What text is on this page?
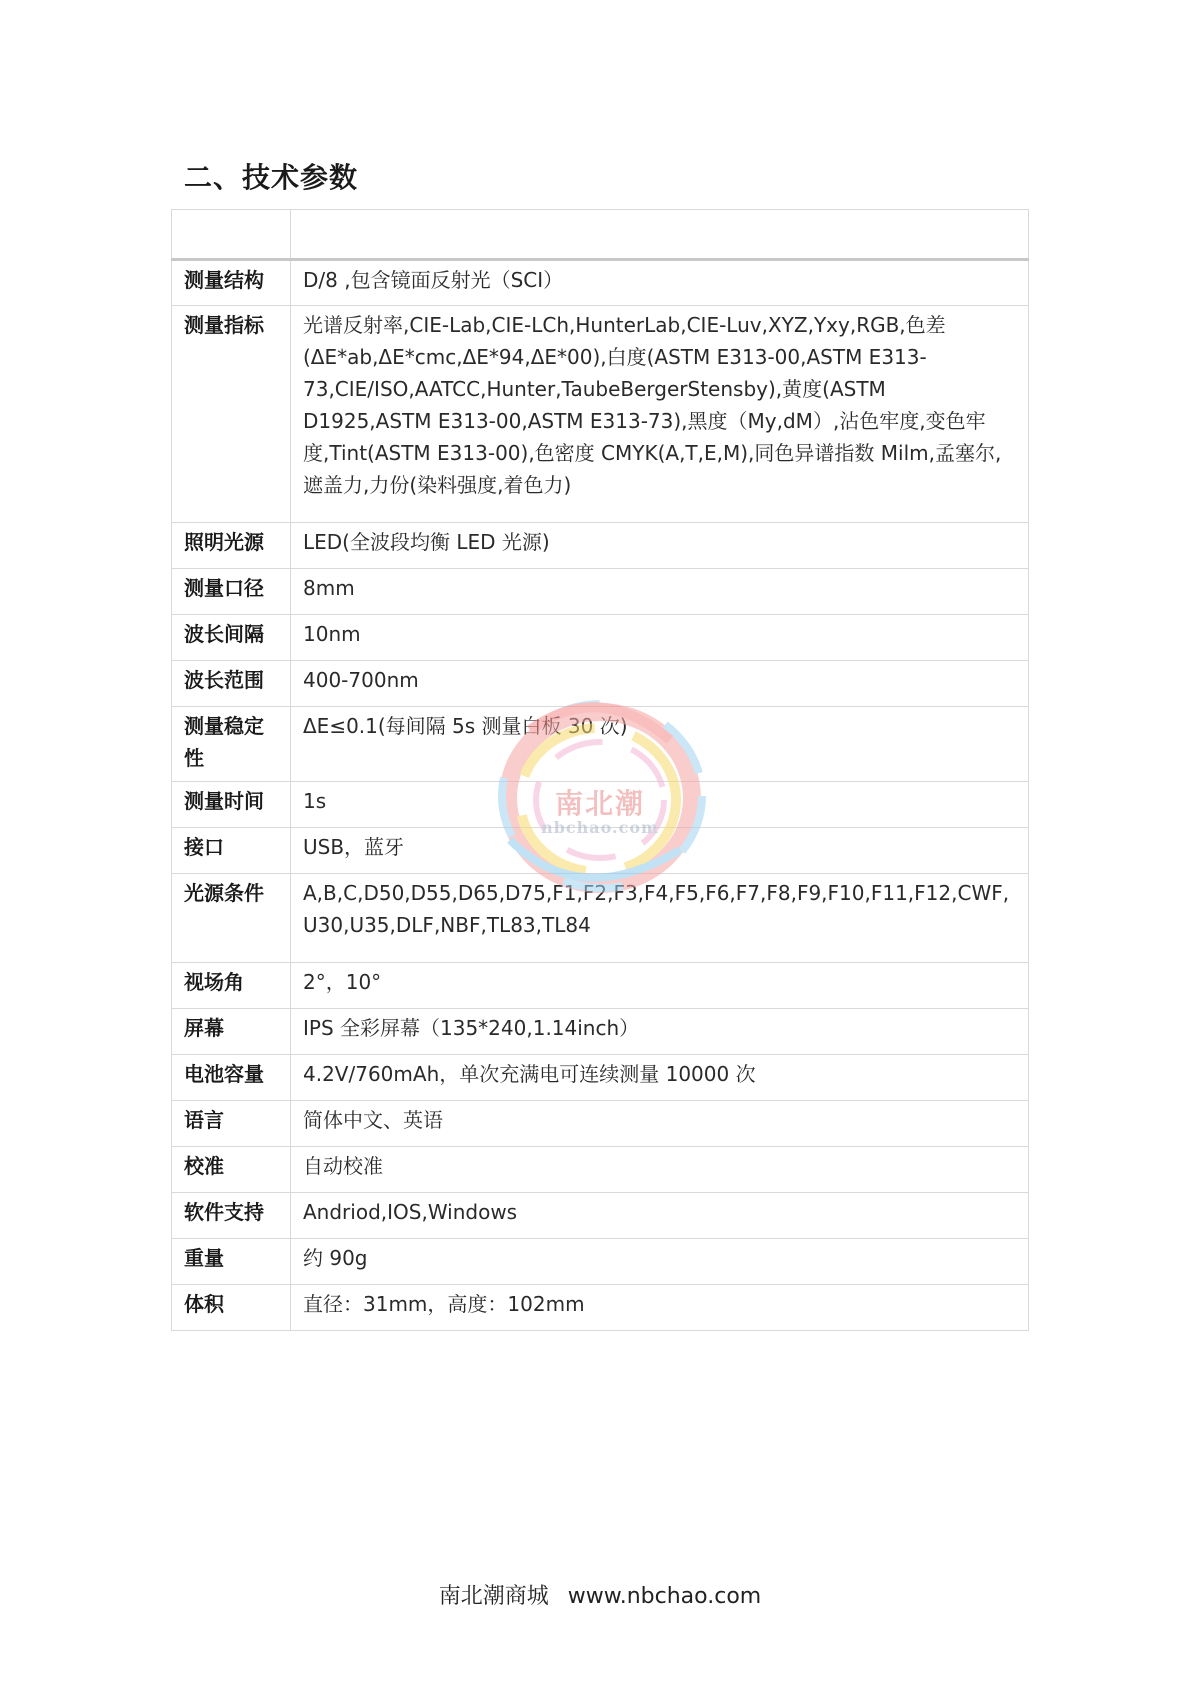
二、技术参数

测量结构	D/8 ,包含镜面反射光（SCI）
测量指标	光谱反射率,CIE-Lab,CIE-LCh,HunterLab,CIE-Luv,XYZ,Yxy,RGB,色差(ΔE*ab,ΔE*cmc,ΔE*94,ΔE*00),白度(ASTM E313-00,ASTM E313-73,CIE/ISO,AATCC,Hunter,TaubeBergerStensby),黄度(ASTM D1925,ASTM E313-00,ASTM E313-73),黑度（My,dM）,沾色牢度,变色牢度,Tint(ASTM E313-00),色密度 CMYK(A,T,E,M),同色异谱指数 Milm,孟塞尔,遮盖力,力份(染料强度,着色力)
照明光源	LED(全波段均衡 LED 光源)
测量口径	8mm
波长间隔	10nm
波长范围	400-700nm
测量稳定性	ΔE≤0.1(每间隔 5s 测量白板 30 次)
测量时间	1s
接口	USB，蓝牙
光源条件	A,B,C,D50,D55,D65,D75,F1,F2,F3,F4,F5,F6,F7,F8,F9,F10,F11,F12,CWF,U30,U35,DLF,NBF,TL83,TL84
视场角	2°，10°
屏幕	IPS 全彩屏幕（135*240,1.14inch）
电池容量	4.2V/760mAh，单次充满电可连续测量 10000 次
语言	简体中文、英语
校准	自动校准
软件支持	Andriod,IOS,Windows
重量	约 90g
体积	直径：31mm，高度：102mm
南北潮
nbchao.com
南北潮商城 www.nbchao.com
